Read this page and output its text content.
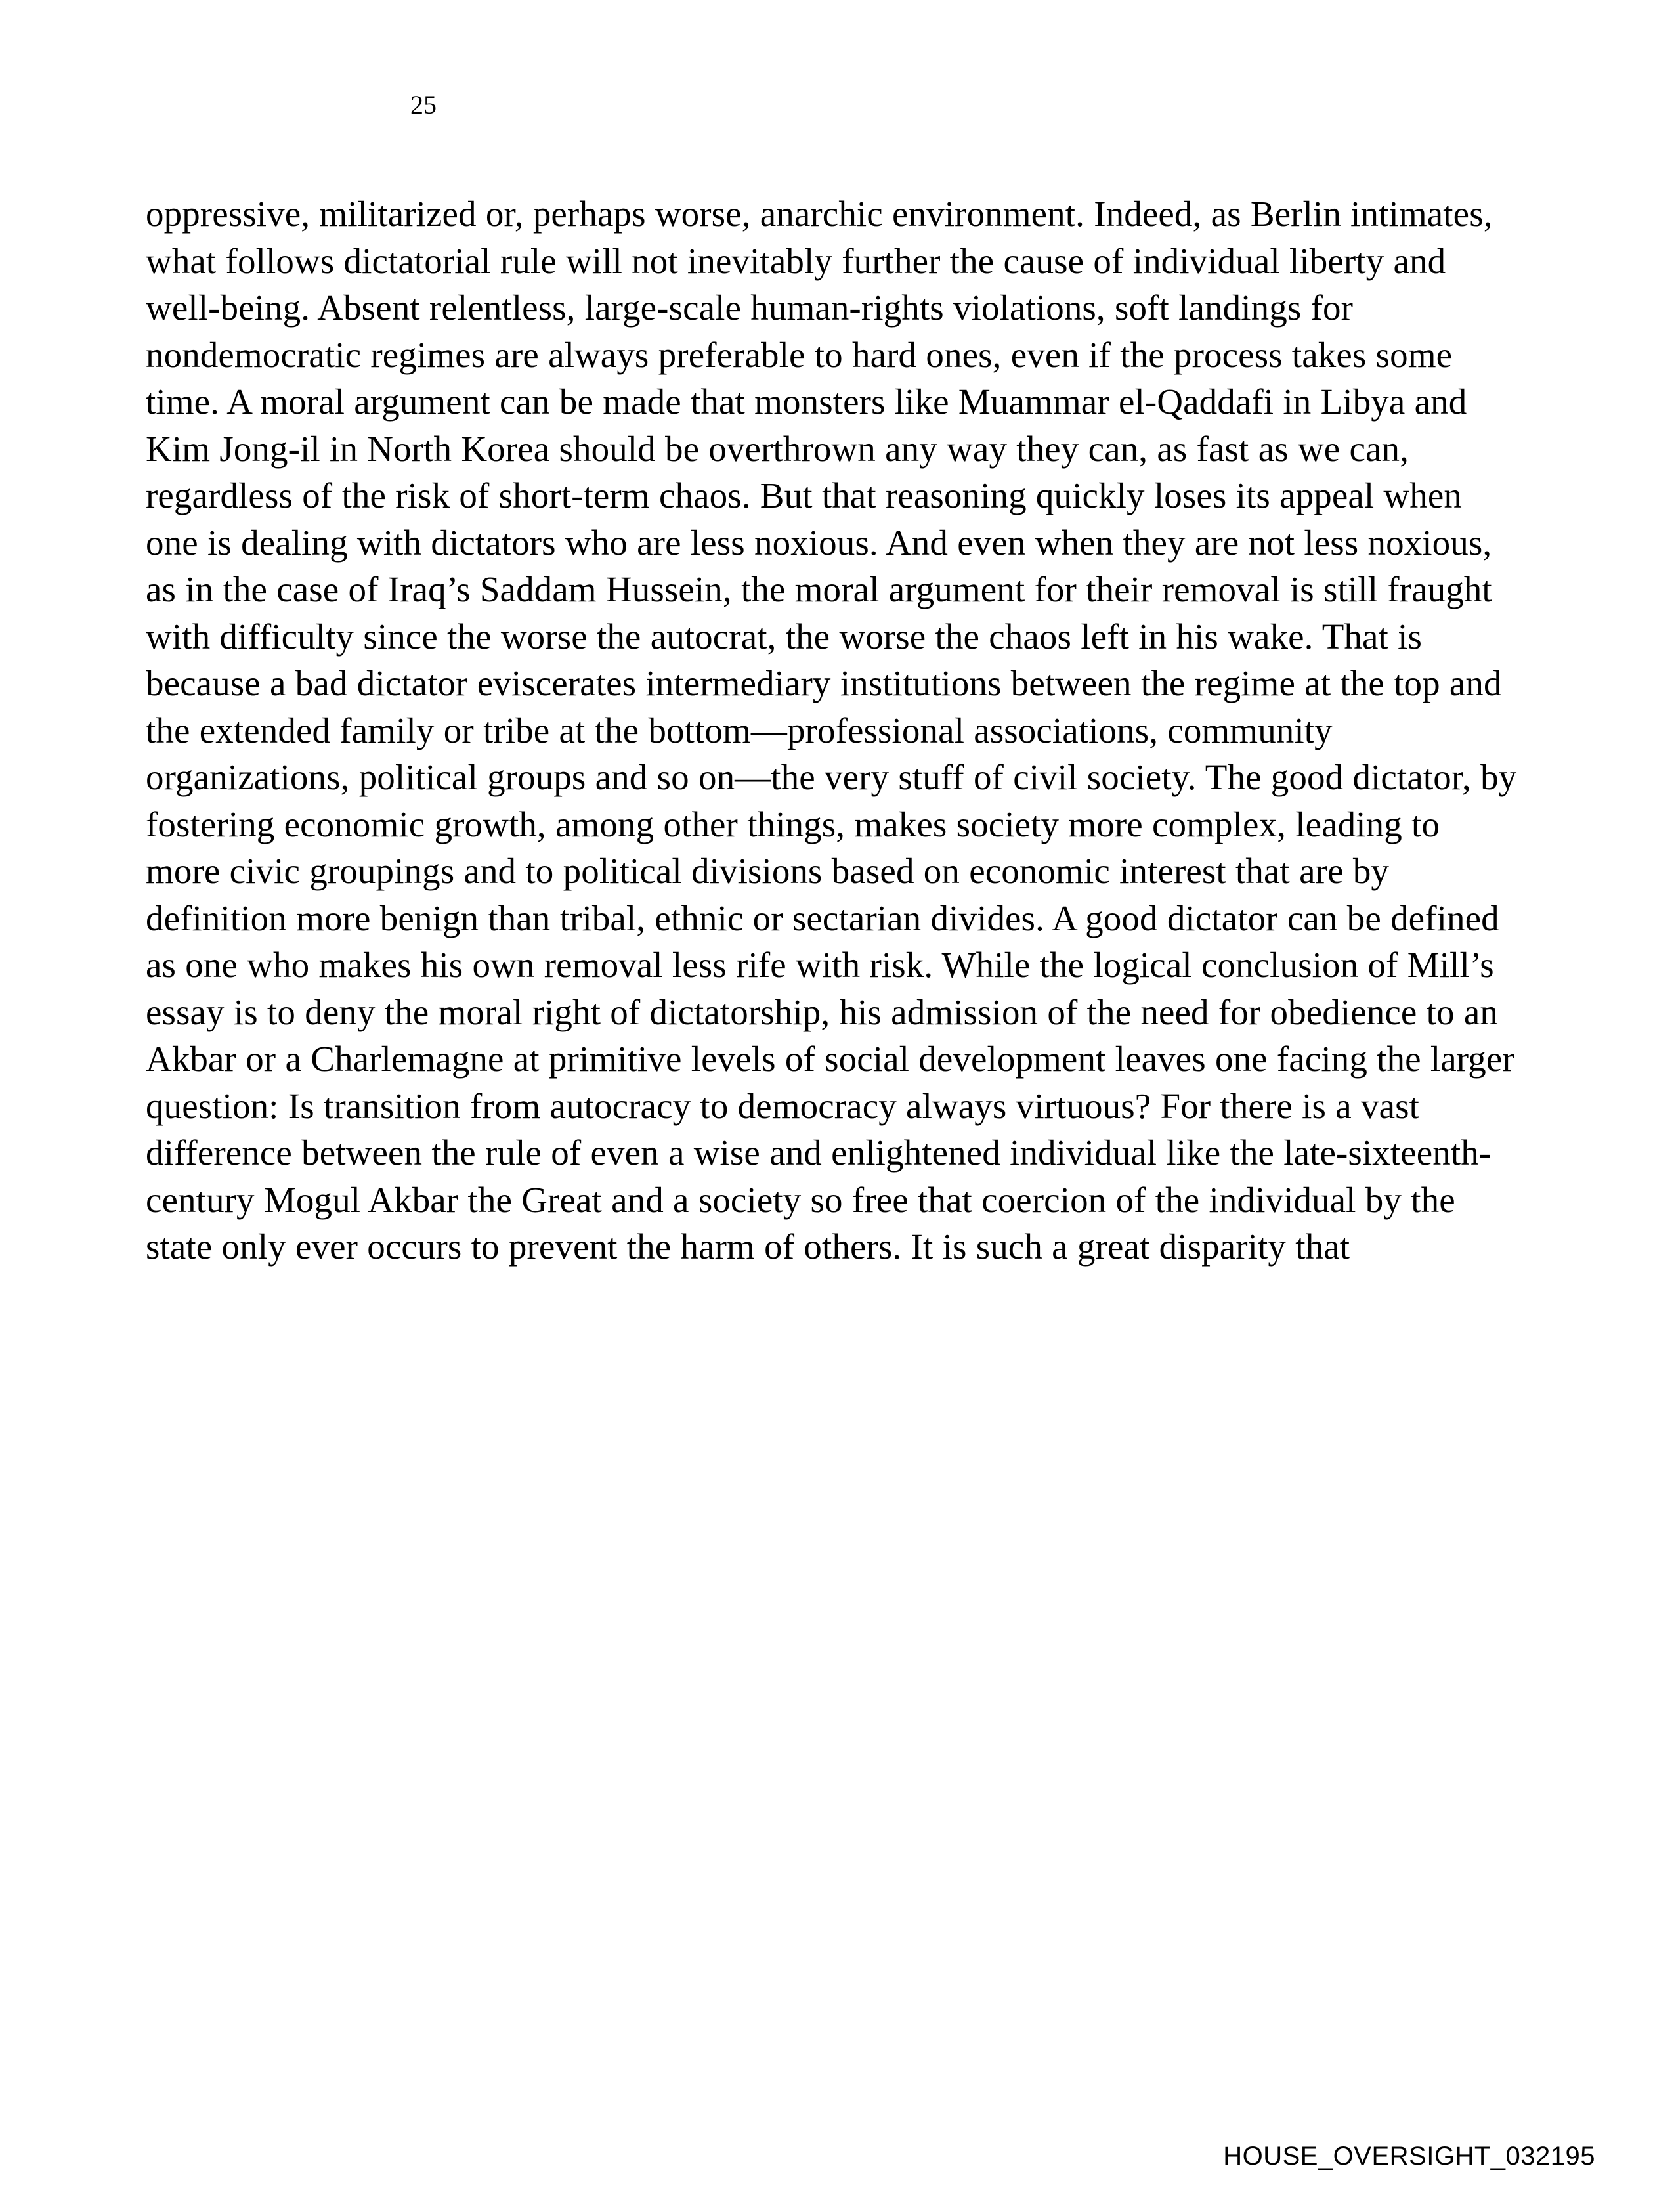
25
oppressive, militarized or, perhaps worse, anarchic environment. Indeed, as Berlin intimates, what follows dictatorial rule will not inevitably further the cause of individual liberty and well-being. Absent relentless, large-scale human-rights violations, soft landings for nondemocratic regimes are always preferable to hard ones, even if the process takes some time. A moral argument can be made that monsters like Muammar el-Qaddafi in Libya and Kim Jong-il in North Korea should be overthrown any way they can, as fast as we can, regardless of the risk of short-term chaos. But that reasoning quickly loses its appeal when one is dealing with dictators who are less noxious. And even when they are not less noxious, as in the case of Iraq’s Saddam Hussein, the moral argument for their removal is still fraught with difficulty since the worse the autocrat, the worse the chaos left in his wake. That is because a bad dictator eviscerates intermediary institutions between the regime at the top and the extended family or tribe at the bottom—professional associations, community organizations, political groups and so on—the very stuff of civil society. The good dictator, by fostering economic growth, among other things, makes society more complex, leading to more civic groupings and to political divisions based on economic interest that are by definition more benign than tribal, ethnic or sectarian divides. A good dictator can be defined as one who makes his own removal less rife with risk. While the logical conclusion of Mill’s essay is to deny the moral right of dictatorship, his admission of the need for obedience to an Akbar or a Charlemagne at primitive levels of social development leaves one facing the larger question: Is transition from autocracy to democracy always virtuous? For there is a vast difference between the rule of even a wise and enlightened individual like the late-sixteenth-century Mogul Akbar the Great and a society so free that coercion of the individual by the state only ever occurs to prevent the harm of others. It is such a great disparity that
HOUSE_OVERSIGHT_032195
